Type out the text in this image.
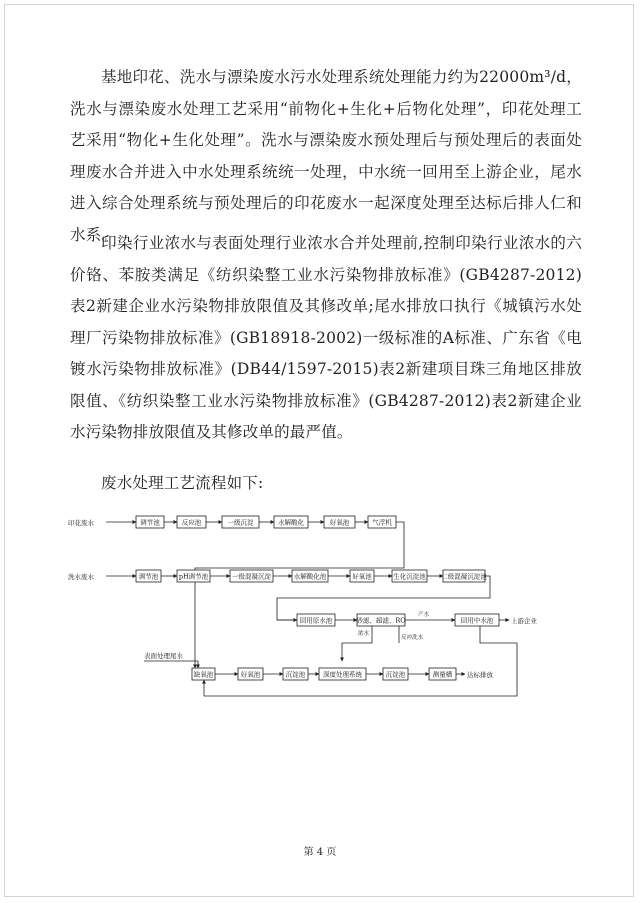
基地印花、洗水与漂染废水污水处理系统处理能力约为22000m³/d，洗水与漂染废水处理工艺采用“前物化+生化+后物化处理”，印花处理工艺采用“物化+生化处理”。洗水与漂染废水预处理后与预处理后的表面处理废水合并进入中水处理系统统一处理，中水统一回用至上游企业，尾水进入综合处理系统与预处理后的印花废水一起深度处理至达标后排人仁和水系。

印染行业浓水与表面处理行业浓水合并处理前,控制印染行业浓水的六价铬、苯胺类满足《纺织染整工业水污染物排放标准》(GB4287-2012)表2新建企业水污染物排放限值及其修改单;尾水排放口执行《城镇污水处理厂污染物排放标准》(GB18918-2002)一级标准的A标准、广东省《电镀水污染物排放标准》(DB44/1597-2015)表2新建项目珠三角地区排放限值、《纺织染整工业水污染物排放标准》(GB4287-2012)表2新建企业水污染物排放限值及其修改单的最严值。

废水处理工艺流程如下:

调节池	反应池	一级沉淀	水解酸化	好氧池	气浮机
调节池	pH调节池	一级混凝沉淀	水解酸化池	好氧池	生化沉淀池 二级混凝沉淀池
回用原水池	砂滤、超滤、RO	回用中水池
缺氧池	好氧池	沉淀池	深度处理系统	沉淀池	测量槽
印花废水
洗水废水
产水
上游企业
浓水
反冲洗水
表面处理尾水
达标排放
第 4 页
